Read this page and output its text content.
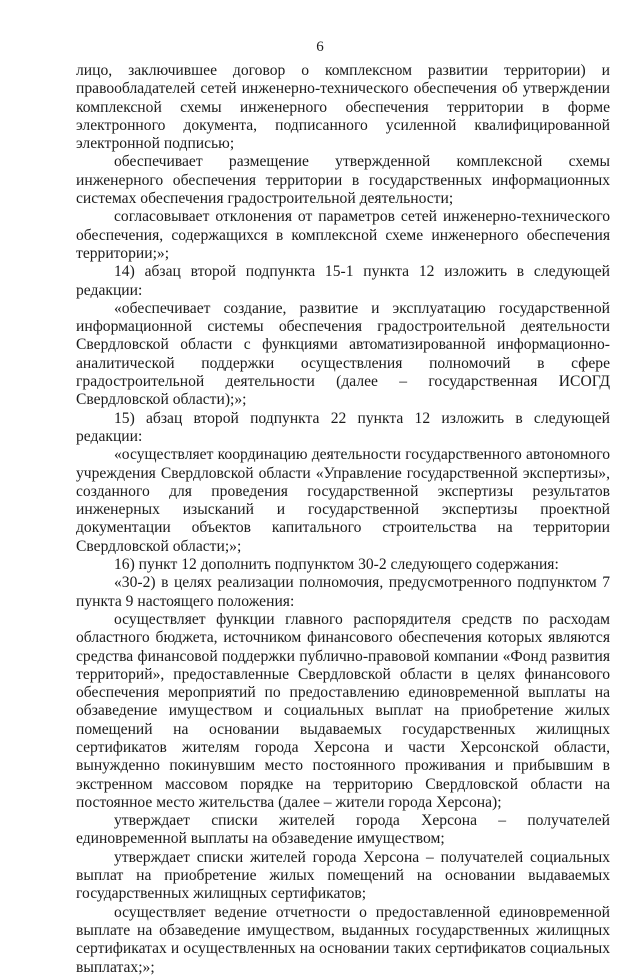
6

лицо, заключившее договор о комплексном развитии территории) и правообладателей сетей инженерно-технического обеспечения об утверждении комплексной схемы инженерного обеспечения территории в форме электронного документа, подписанного усиленной квалифицированной электронной подписью;

обеспечивает размещение утвержденной комплексной схемы инженерного обеспечения территории в государственных информационных системах обеспечения градостроительной деятельности;

согласовывает отклонения от параметров сетей инженерно-технического обеспечения, содержащихся в комплексной схеме инженерного обеспечения территории;»;

14) абзац второй подпункта 15-1 пункта 12 изложить в следующей редакции:

«обеспечивает создание, развитие и эксплуатацию государственной информационной системы обеспечения градостроительной деятельности Свердловской области с функциями автоматизированной информационно-аналитической поддержки осуществления полномочий в сфере градостроительной деятельности (далее – государственная ИСОГД Свердловской области);»;

15) абзац второй подпункта 22 пункта 12 изложить в следующей редакции:

«осуществляет координацию деятельности государственного автономного учреждения Свердловской области «Управление государственной экспертизы», созданного для проведения государственной экспертизы результатов инженерных изысканий и государственной экспертизы проектной документации объектов капитального строительства на территории Свердловской области;»;

16) пункт 12 дополнить подпунктом 30-2 следующего содержания:

«30-2) в целях реализации полномочия, предусмотренного подпунктом 7 пункта 9 настоящего положения:

осуществляет функции главного распорядителя средств по расходам областного бюджета, источником финансового обеспечения которых являются средства финансовой поддержки публично-правовой компании «Фонд развития территорий», предоставленные Свердловской области в целях финансового обеспечения мероприятий по предоставлению единовременной выплаты на обзаведение имуществом и социальных выплат на приобретение жилых помещений на основании выдаваемых государственных жилищных сертификатов жителям города Херсона и части Херсонской области, вынужденно покинувшим место постоянного проживания и прибывшим в экстренном массовом порядке на территорию Свердловской области на постоянное место жительства (далее – жители города Херсона);

утверждает списки жителей города Херсона – получателей единовременной выплаты на обзаведение имуществом;

утверждает списки жителей города Херсона – получателей социальных выплат на приобретение жилых помещений на основании выдаваемых государственных жилищных сертификатов;

осуществляет ведение отчетности о предоставленной единовременной выплате на обзаведение имуществом, выданных государственных жилищных сертификатах и осуществленных на основании таких сертификатов социальных выплатах;»;
